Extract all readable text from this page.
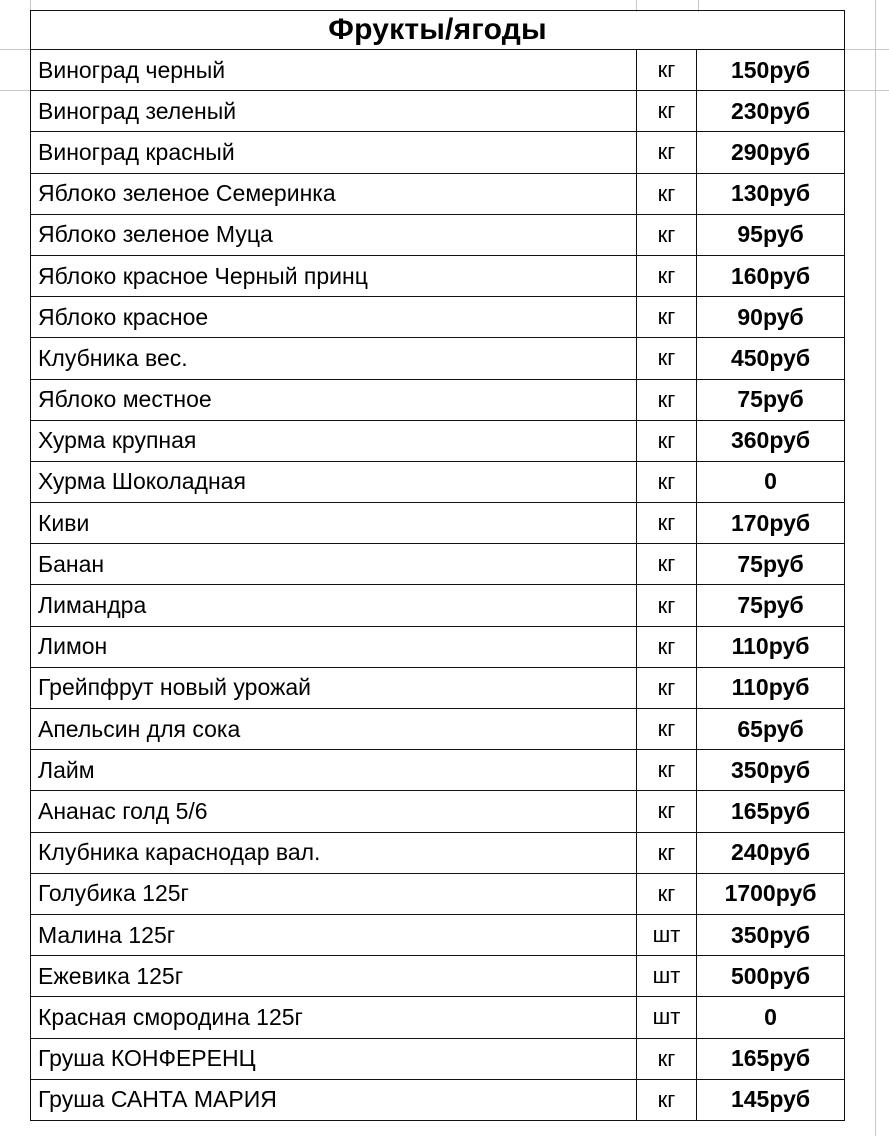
Фрукты/ягоды			
Виноград черный		кг	150руб
Виноград зеленый		кг	230руб
Виноград красный		кг	290руб
Яблоко зеленое Семеринка		кг	130руб
Яблоко зеленое Муца		кг	95руб
Яблоко красное Черный принц		кг	160руб
Яблоко красное		кг	90руб
Клубника вес.		кг	450руб
Яблоко местное		кг	75руб
Хурма крупная		кг	360руб
Хурма Шоколадная		кг	0
Киви		кг	170руб
Банан		кг	75руб
Лимандра		кг	75руб
Лимон		кг	110руб
Грейпфрут новый урожай		кг	110руб
Апельсин для сока		кг	65руб
Лайм		кг	350руб
Ананас голд 5/6		кг	165руб
Клубника караснодар вал.		кг	240руб
Голубика 125г		кг	1700руб
Малина 125г		шт	350руб
Ежевика 125г		шт	500руб
Красная смородина 125г		шт	0
Груша КОНФЕРЕНЦ		кг	165руб
Груша САНТА МАРИЯ		кг	145руб
